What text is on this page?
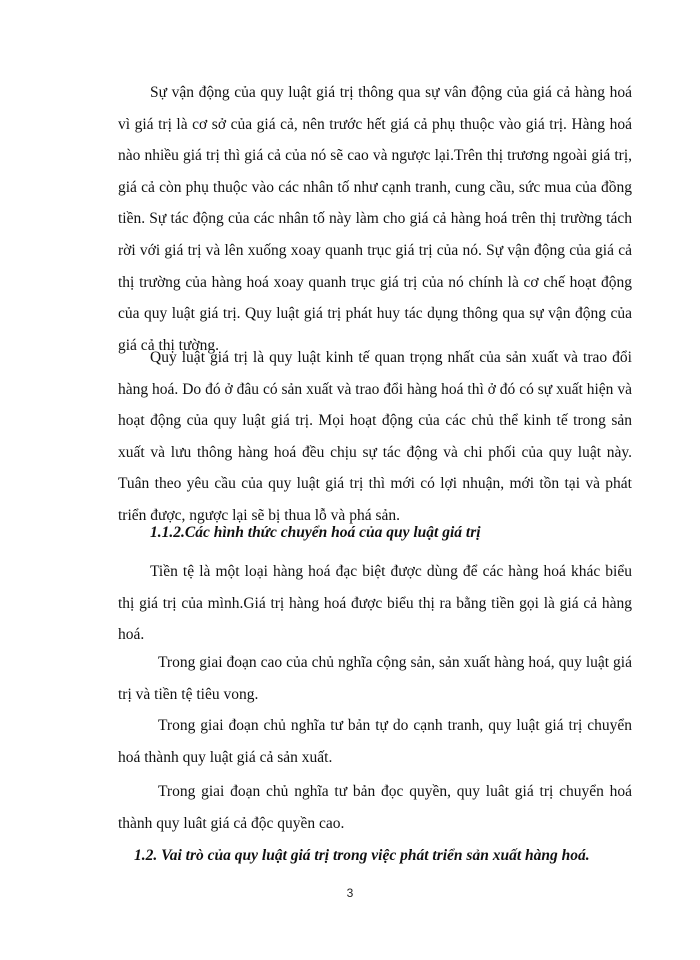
Sự vận động của quy luật giá trị thông qua sự vân động của giá cả hàng hoá vì giá trị là cơ sở của giá cả, nên trước hết giá cả phụ thuộc vào giá trị. Hàng hoá nào nhiều giá trị thì giá cả của nó sẽ cao và ngược lại.Trên thị trương ngoài giá trị, giá cả còn phụ thuộc vào các nhân tố như cạnh tranh, cung cầu, sức mua của đồng tiền. Sự tác động của các nhân tố này làm cho giá cả hàng hoá trên thị trường tách rời với giá trị và lên xuống xoay quanh trục giá trị của nó. Sự vận động của giá cả thị trường của hàng hoá xoay quanh trục giá trị của nó chính là cơ chế hoạt động của quy luật giá trị. Quy luật giá trị phát huy tác dụng thông qua sự vận động của giá cả thị tường.

Quy luật giá trị là quy luật kinh tế quan trọng nhất của sản xuất và trao đổi hàng hoá. Do đó ở đâu có sản xuất và trao đổi hàng hoá thì ở đó có sự xuất hiện và hoạt động của quy luật giá trị. Mọi hoạt động của các chủ thể kinh tế trong sản xuất và lưu thông hàng hoá đều chịu sự tác động và chi phối của quy luật này. Tuân theo yêu cầu của quy luật giá trị thì mới có lợi nhuận, mới tồn tại và phát triển được, ngược lại sẽ bị thua lỗ và phá sản.

1.1.2.Các hình thức chuyển hoá của quy luật giá trị

Tiền tệ là một loại hàng hoá đạc biệt được dùng để các hàng hoá khác biểu thị giá trị của mình.Giá trị hàng hoá được biểu thị ra bằng tiền gọi là giá cả hàng hoá.

Trong giai đoạn cao của chủ nghĩa cộng sản, sản xuất hàng hoá, quy luật giá trị và tiền tệ tiêu vong.

Trong giai đoạn chủ nghĩa tư bản tự do cạnh tranh, quy luật giá trị chuyển hoá thành quy luật giá cả sản xuất.

Trong giai đoạn chủ nghĩa tư bản đọc quyền, quy luât giá trị chuyển hoá thành quy luât giá cả độc quyền cao.

1.2. Vai trò của quy luật giá trị trong việc phát triển sản xuất hàng hoá.
3
